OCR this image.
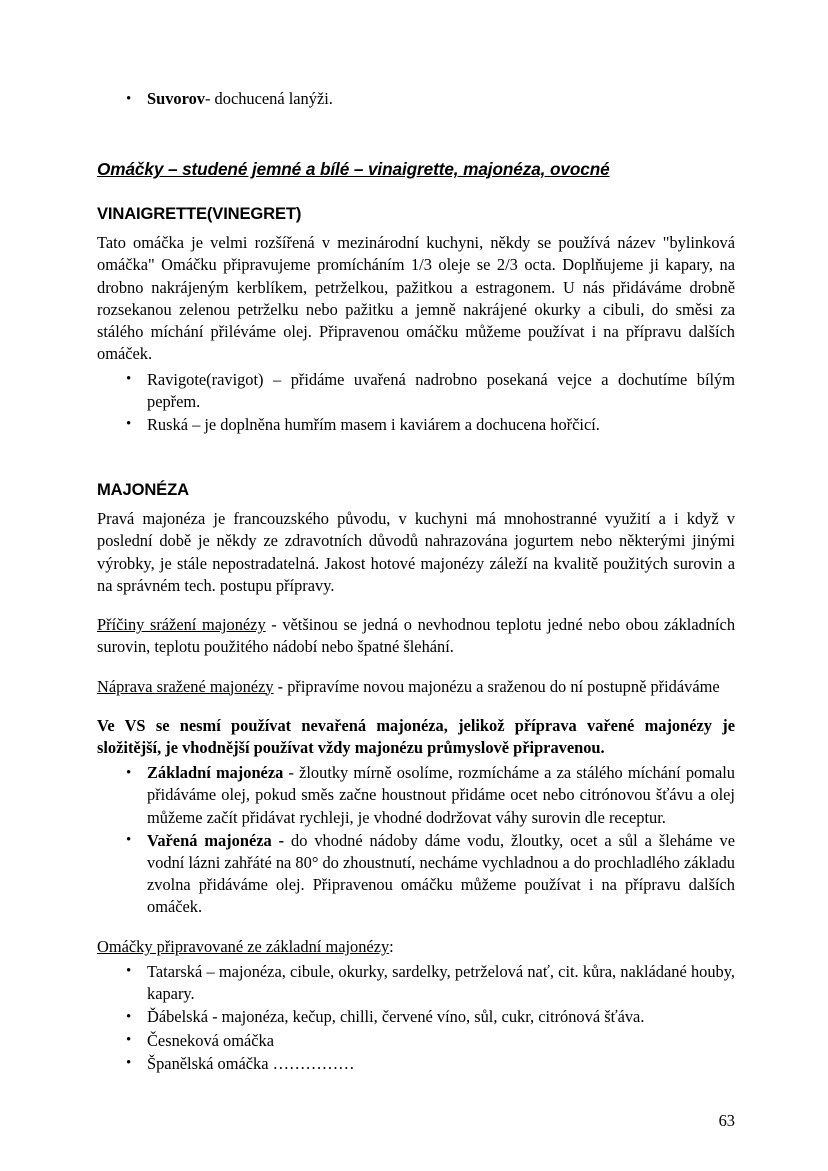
• Suvorov- dochucená lanýži.
Omáčky – studené jemné a bílé – vinaigrette, majonéza, ovocné
VINAIGRETTE(VINEGRET)

Tato omáčka je velmi rozšířená v mezinárodní kuchyni, někdy se používá název "bylinková omáčka" Omáčku připravujeme promícháním 1/3 oleje se 2/3 octa. Doplňujeme ji kapary, na drobno nakrájeným kerblíkem, petrželkou, pažitkou a estragonem. U nás přidáváme drobně rozsekanou zelenou petrželku nebo pažitku a jemně nakrájené okurky a cibuli, do směsi za stálého míchání přiléváme olej. Připravenou omáčku můžeme používat i na přípravu dalších omáček.

• Ravigote(ravigot) – přidáme uvařená nadrobno posekaná vejce a dochutíme bílým pepřem.
• Ruská – je doplněna humřím masem i kaviárem a dochucena hořčicí.
MAJONÉZA

Pravá majonéza je francouzského původu, v kuchyni má mnohostranné využití a i když v poslední době je někdy ze zdravotních důvodů nahrazována jogurtem nebo některými jinými výrobky, je stále nepostradatelná. Jakost hotové majonézy záleží na kvalitě použitých surovin a na správném tech. postupu přípravy.

Příčiny srážení majonézy - většinou se jedná o nevhodnou teplotu jedné nebo obou základních surovin, teplotu použitého nádobí nebo špatné šlehání.

Náprava sražené majonézy - připravíme novou majonézu a sraženou do ní postupně přidáváme

Ve VS se nesmí používat nevařená majonéza, jelikož příprava vařené majonézy je složitější, je vhodnější používat vždy majonézu průmyslově připravenou.

• Základní majonéza - žloutky mírně osolíme, rozmícháme a za stálého míchání pomalu přidáváme olej, pokud směs začne houstnout přidáme ocet nebo citrónovou šťávu a olej můžeme začít přidávat rychleji, je vhodné dodržovat váhy surovin dle receptur.
• Vařená majonéza - do vhodné nádoby dáme vodu, žloutky, ocet a sůl a šleháme ve vodní lázni zahřáté na 80° do zhoustnutí, necháme vychladnou a do prochladlého základu zvolna přidáváme olej. Připravenou omáčku můžeme používat i na přípravu dalších omáček.

Omáčky připravované ze základní majonézy:

• Tatarská – majonéza, cibule, okurky, sardelky, petrželová nať, cit. kůra, nakládané houby, kapary.
• Ďábelská - majonéza, kečup, chilli, červené víno, sůl, cukr, citrónová šťáva.
• Česneková omáčka
• Španělská omáčka ……………
63
